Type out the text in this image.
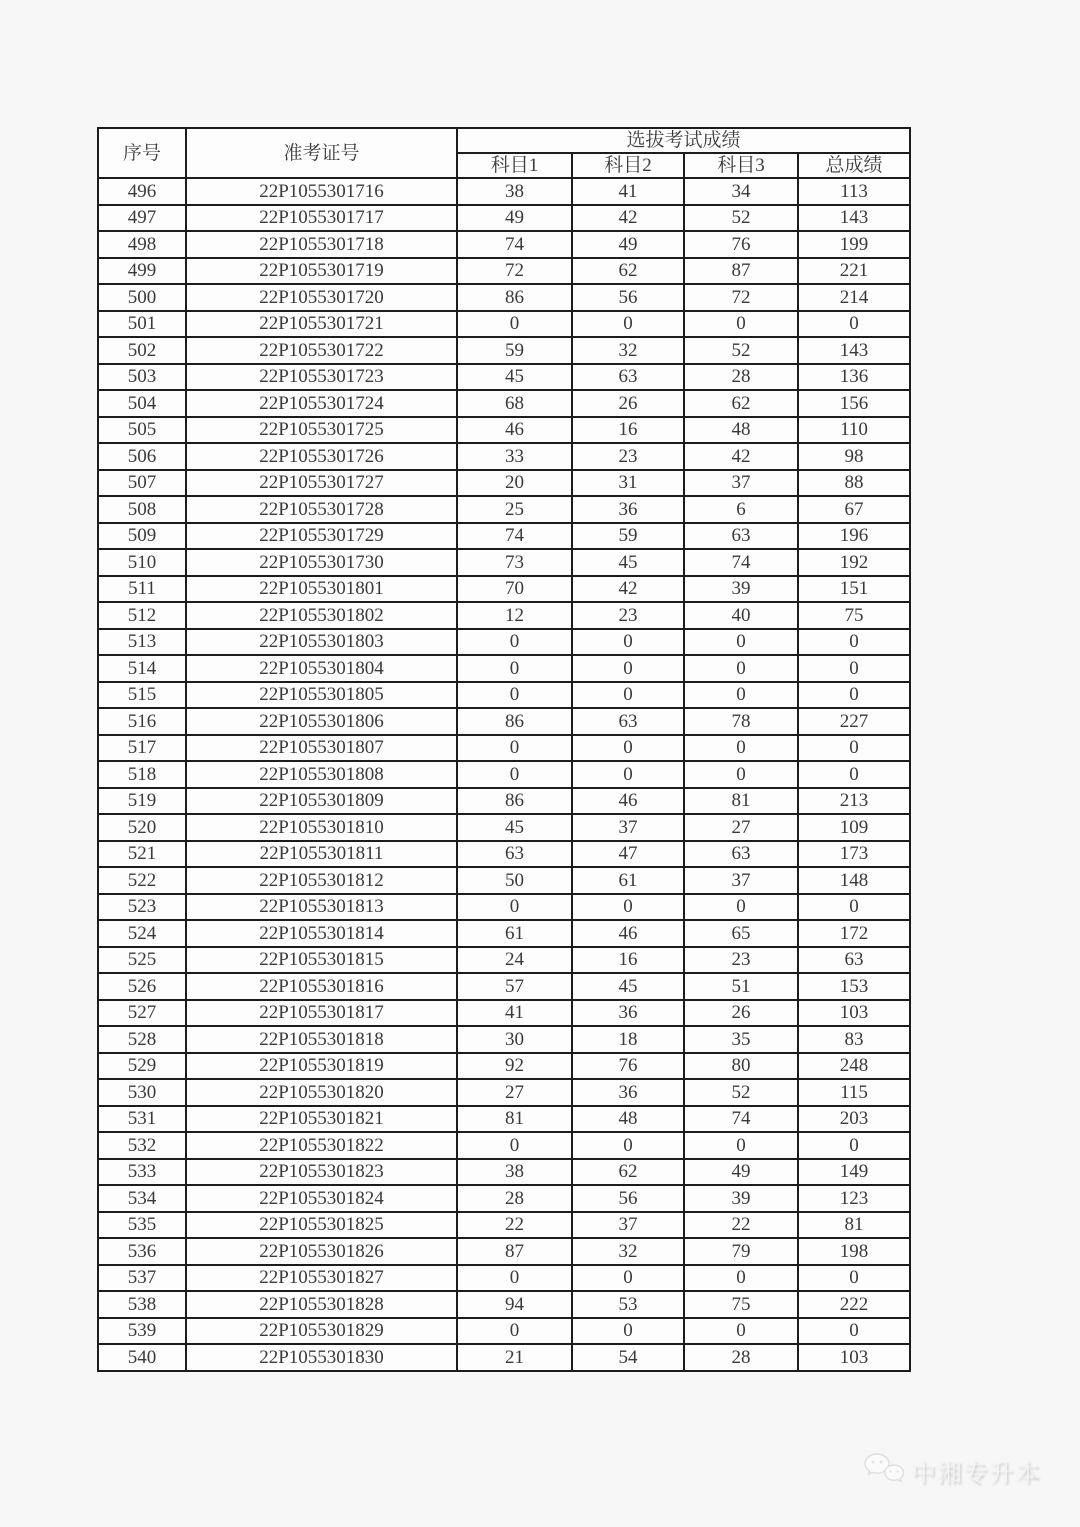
序号	准考证号	选拔考试成绩			
		科目1	科目2	科目3	总成绩
496	22P1055301716	38	41	34	113
497	22P1055301717	49	42	52	143
498	22P1055301718	74	49	76	199
499	22P1055301719	72	62	87	221
500	22P1055301720	86	56	72	214
501	22P1055301721	0	0	0	0
502	22P1055301722	59	32	52	143
503	22P1055301723	45	63	28	136
504	22P1055301724	68	26	62	156
505	22P1055301725	46	16	48	110
506	22P1055301726	33	23	42	98
507	22P1055301727	20	31	37	88
508	22P1055301728	25	36	6	67
509	22P1055301729	74	59	63	196
510	22P1055301730	73	45	74	192
511	22P1055301801	70	42	39	151
512	22P1055301802	12	23	40	75
513	22P1055301803	0	0	0	0
514	22P1055301804	0	0	0	0
515	22P1055301805	0	0	0	0
516	22P1055301806	86	63	78	227
517	22P1055301807	0	0	0	0
518	22P1055301808	0	0	0	0
519	22P1055301809	86	46	81	213
520	22P1055301810	45	37	27	109
521	22P1055301811	63	47	63	173
522	22P1055301812	50	61	37	148
523	22P1055301813	0	0	0	0
524	22P1055301814	61	46	65	172
525	22P1055301815	24	16	23	63
526	22P1055301816	57	45	51	153
527	22P1055301817	41	36	26	103
528	22P1055301818	30	18	35	83
529	22P1055301819	92	76	80	248
530	22P1055301820	27	36	52	115
531	22P1055301821	81	48	74	203
532	22P1055301822	0	0	0	0
533	22P1055301823	38	62	49	149
534	22P1055301824	28	56	39	123
535	22P1055301825	22	37	22	81
536	22P1055301826	87	32	79	198
537	22P1055301827	0	0	0	0
538	22P1055301828	94	53	75	222
539	22P1055301829	0	0	0	0
540	22P1055301830	21	54	28	103
中湘专升本
